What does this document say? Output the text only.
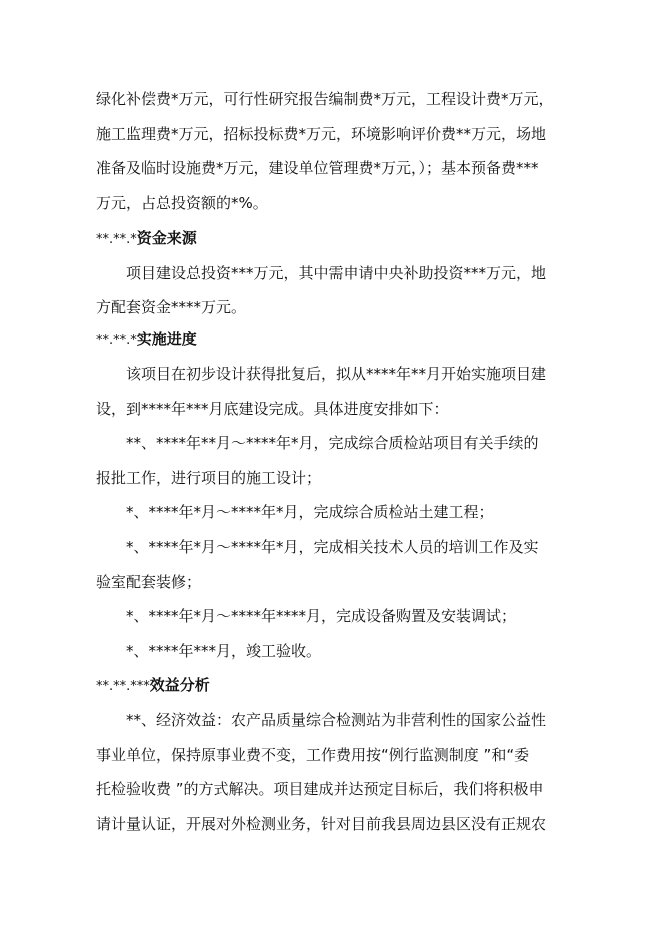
绿化补偿费*万元，可行性研究报告编制费*万元，工程设计费*万元，
施工监理费*万元，招标投标费*万元，环境影响评价费**万元，场地
准备及临时设施费*万元，建设单位管理费*万元，）；基本预备费***
万元，占总投资额的*%。
**.**.*资金来源
项目建设总投资***万元，其中需申请中央补助投资***万元，地
方配套资金****万元。
**.**.*实施进度
该项目在初步设计获得批复后，拟从****年**月开始实施项目建
设，到****年***月底建设完成。具体进度安排如下：
**、****年**月～****年*月，完成综合质检站项目有关手续的
报批工作，进行项目的施工设计；
*、****年*月～****年*月，完成综合质检站土建工程；
*、****年*月～****年*月，完成相关技术人员的培训工作及实
验室配套装修；
*、****年*月～****年****月，完成设备购置及安装调试；
*、****年***月，竣工验收。
**.**.***效益分析
**、经济效益：农产品质量综合检测站为非营利性的国家公益性
事业单位，保持原事业费不变，工作费用按“例行监测制度 ”和“委
托检验收费 ”的方式解决。项目建成并达预定目标后，我们将积极申
请计量认证，开展对外检测业务，针对目前我县周边县区没有正规农
